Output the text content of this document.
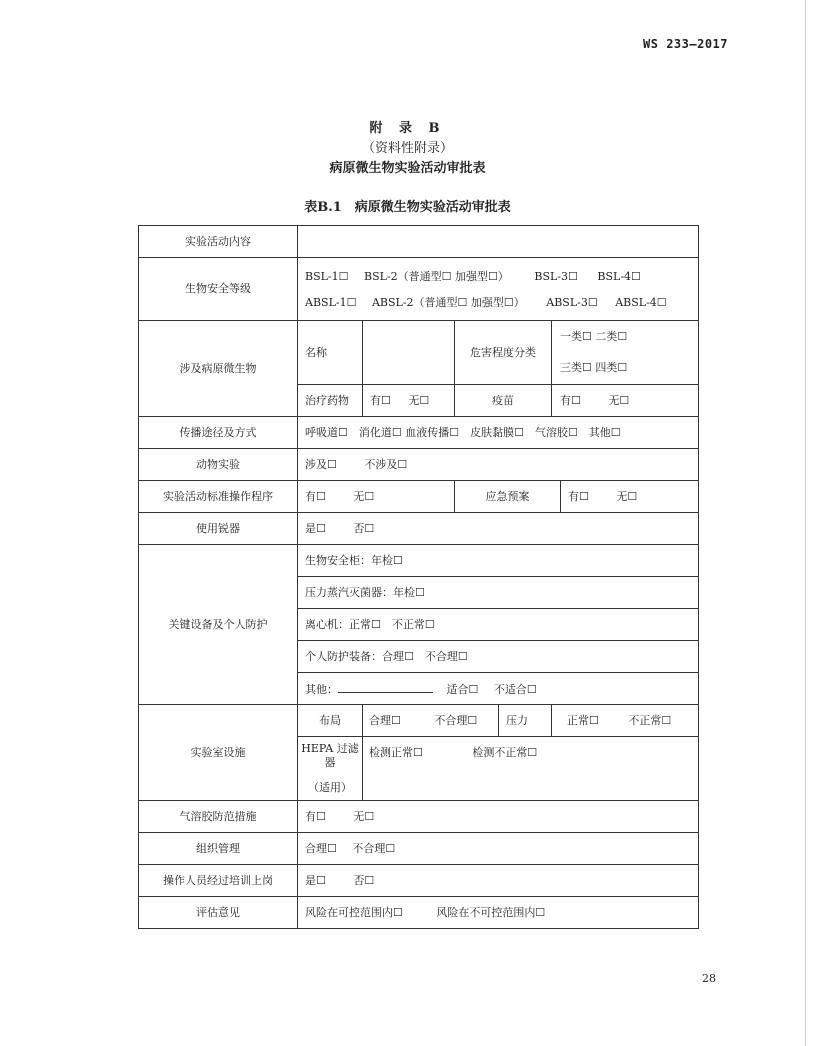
WS 233—2017
附 录 B
（资料性附录）
病原微生物实验活动审批表
表B.1　病原微生物实验活动审批表
实验活动内容						
生物安全等级	BSL-1☐ BSL-2（普通型☐ 加强型☐） BSL-3☐ BSL-4☐
ABSL-1☐ ABSL-2（普通型☐ 加强型☐） ABSL-3☐ ABSL-4☐					

涉及病原微生物	名称		危害程度分类		一类☐ 二类☐
三类☐ 四类☐	

	治疗药物	有☐ 无☐	疫苗		有☐ 无☐	
传播途径及方式	呼吸道☐　消化道☐ 血液传播☐　皮肤黏膜☐　气溶胶☐　其他☐					
动物实验	涉及☐ 不涉及☐					
实验活动标准操作程序	有☐ 无☐		应急预案			有☐ 无☐
使用锐器	是☐ 否☐					
关键设备及个人防护	生物安全柜：年检☐					
	压力蒸汽灭菌器：年检☐					
	离心机：正常☐　不正常☐					
	个人防护装备：合理☐　不合理☐					
	其他： 适合☐ 不适合☐					
实验室设施	布局	合理☐ 不合理☐		压力	正常☐ 不正常☐	

	HEPA 过滤器
（适用）	检测正常☐ 检测不正常☐				
气溶胶防范措施	有☐ 无☐					
组织管理	合理☐ 不合理☐					
操作人员经过培训上岗	是☐ 否☐					
评估意见	风险在可控范围内☐ 风险在不可控范围内☐					
28
